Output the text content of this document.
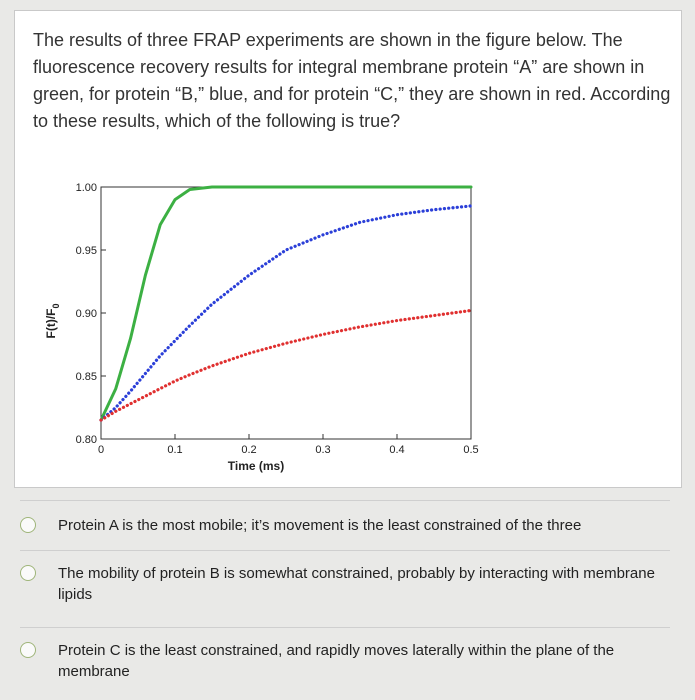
The results of three FRAP experiments are shown in the figure below. The fluorescence recovery results for integral membrane protein “A” are shown in green, for protein “B,” blue, and for protein “C,” they are shown in red. According to these results, which of the following is true?
0.80
0.85
0.90
0.95
1.00
0	0.1	0.2	0.3	0.4	0.5
Time (ms)
$F(t)/F_0$
Protein A is the most mobile; it’s movement is the least constrained of the three
The mobility of protein B is somewhat constrained, probably by interacting with membrane lipids
Protein C is the least constrained, and rapidly moves laterally within the plane of the membrane
